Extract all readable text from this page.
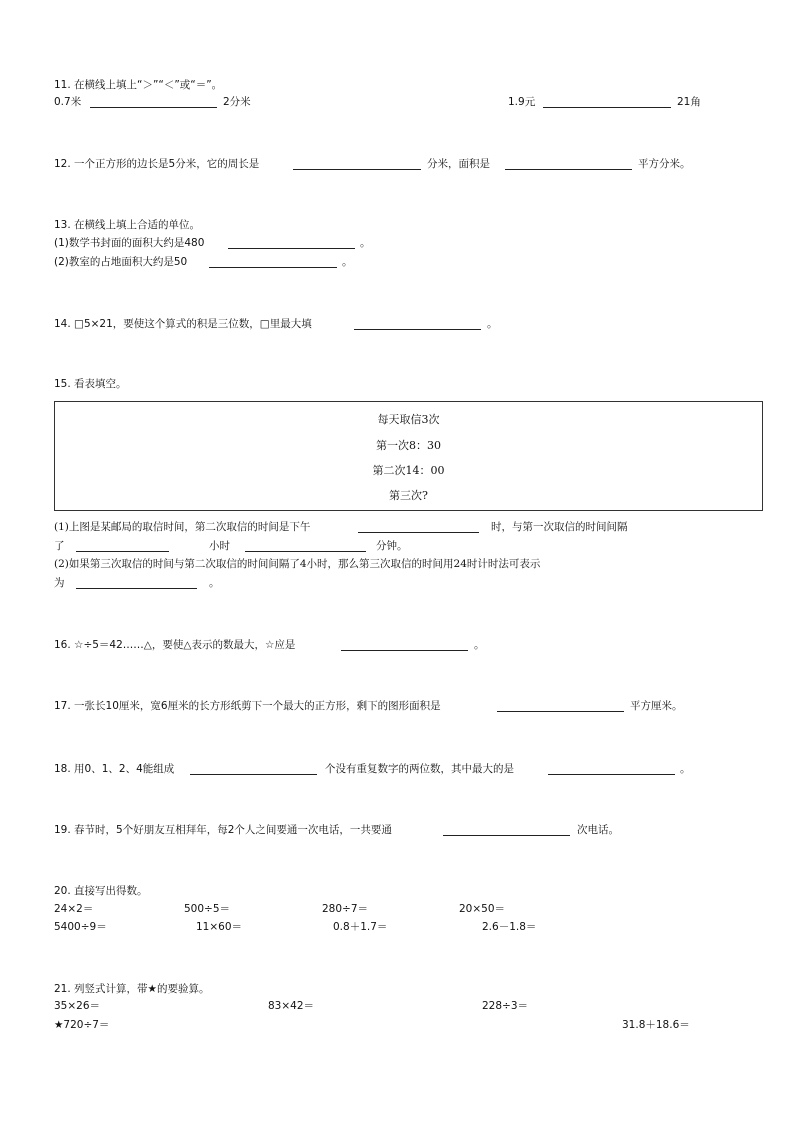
11. 在横线上填上“＞”“＜”或“＝”。
0.7米	2分米	1.9元	21角
12. 一个正方形的边长是5分米，它的周长是	分米，面积是	平方分米。
13. 在横线上填上合适的单位。
(1)数学书封面的面积大约是480	。
(2)教室的占地面积大约是50	。
14. □5×21，要使这个算式的积是三位数，□里最大填	。
15. 看表填空。
每天取信3次
第一次8：30
第二次14：00
第三次?
(1)上图是某邮局的取信时间，第二次取信的时间是下午	时，与第一次取信的时间间隔
了	小时	分钟。
(2)如果第三次取信的时间与第二次取信的时间间隔了4小时，那么第三次取信的时间用24时计时法可表示
为	。
16. ☆÷5＝42……△，要使△表示的数最大，☆应是	。
17. 一张长10厘米，宽6厘米的长方形纸剪下一个最大的正方形，剩下的图形面积是	平方厘米。
18. 用0、1、2、4能组成	个没有重复数字的两位数，其中最大的是	。
19. 春节时，5个好朋友互相拜年，每2个人之间要通一次电话，一共要通	次电话。
20. 直接写出得数。
24×2＝	500÷5＝	280÷7＝	20×50＝
5400÷9＝	11×60＝	0.8＋1.7＝	2.6－1.8＝
21. 列竖式计算，带★的要验算。
35×26＝	83×42＝	228÷3＝
★720÷7＝	31.8＋18.6＝
